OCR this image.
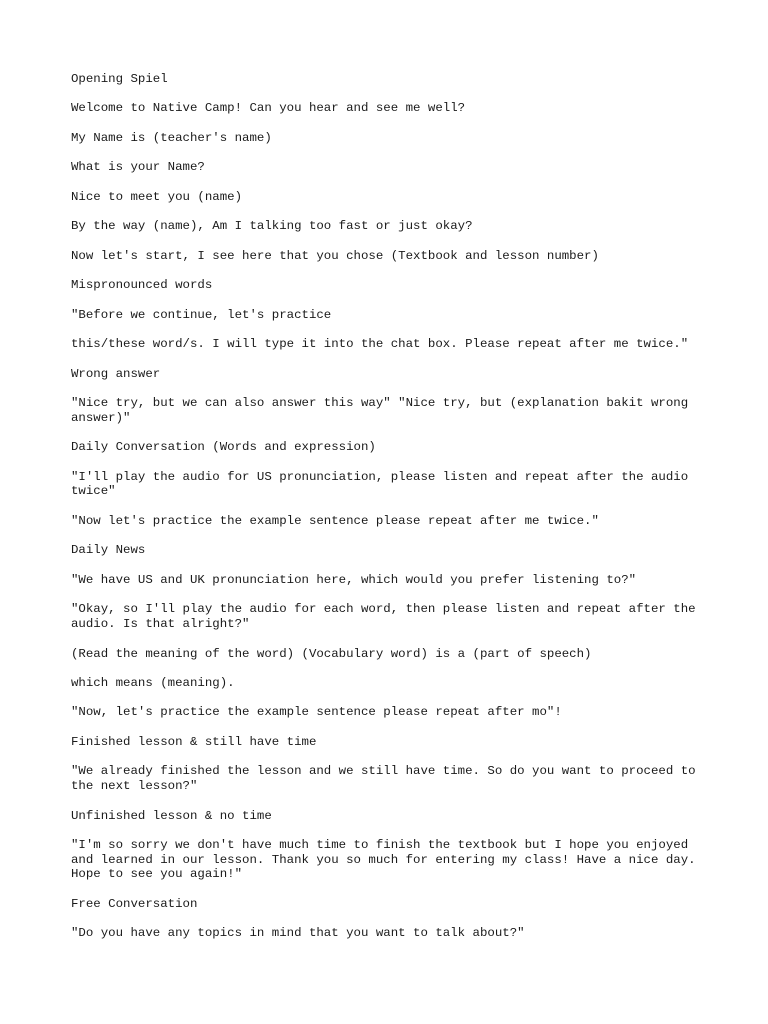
Opening Spiel

Welcome to Native Camp! Can you hear and see me well?

My Name is (teacher's name)

What is your Name?

Nice to meet you (name)

By the way (name), Am I talking too fast or just okay?

Now let's start, I see here that you chose (Textbook and lesson number)

Mispronounced words

"Before we continue, let's practice

this/these word/s. I will type it into the chat box. Please repeat after me twice."

Wrong answer

"Nice try, but we can also answer this way" "Nice try, but (explanation bakit wrong answer)"

Daily Conversation (Words and expression)

"I'll play the audio for US pronunciation, please listen and repeat after the audio twice"

"Now let's practice the example sentence please repeat after me twice."

Daily News

"We have US and UK pronunciation here, which would you prefer listening to?"

"Okay, so I'll play the audio for each word, then please listen and repeat after the audio. Is that alright?"

(Read the meaning of the word) (Vocabulary word) is a (part of speech)

which means (meaning).

"Now, let's practice the example sentence please repeat after mo"!

Finished lesson & still have time

"We already finished the lesson and we still have time. So do you want to proceed to the next lesson?"

Unfinished lesson & no time

"I'm so sorry we don't have much time to finish the textbook but I hope you enjoyed and learned in our lesson. Thank you so much for entering my class! Have a nice day. Hope to see you again!"

Free Conversation

"Do you have any topics in mind that you want to talk about?"
